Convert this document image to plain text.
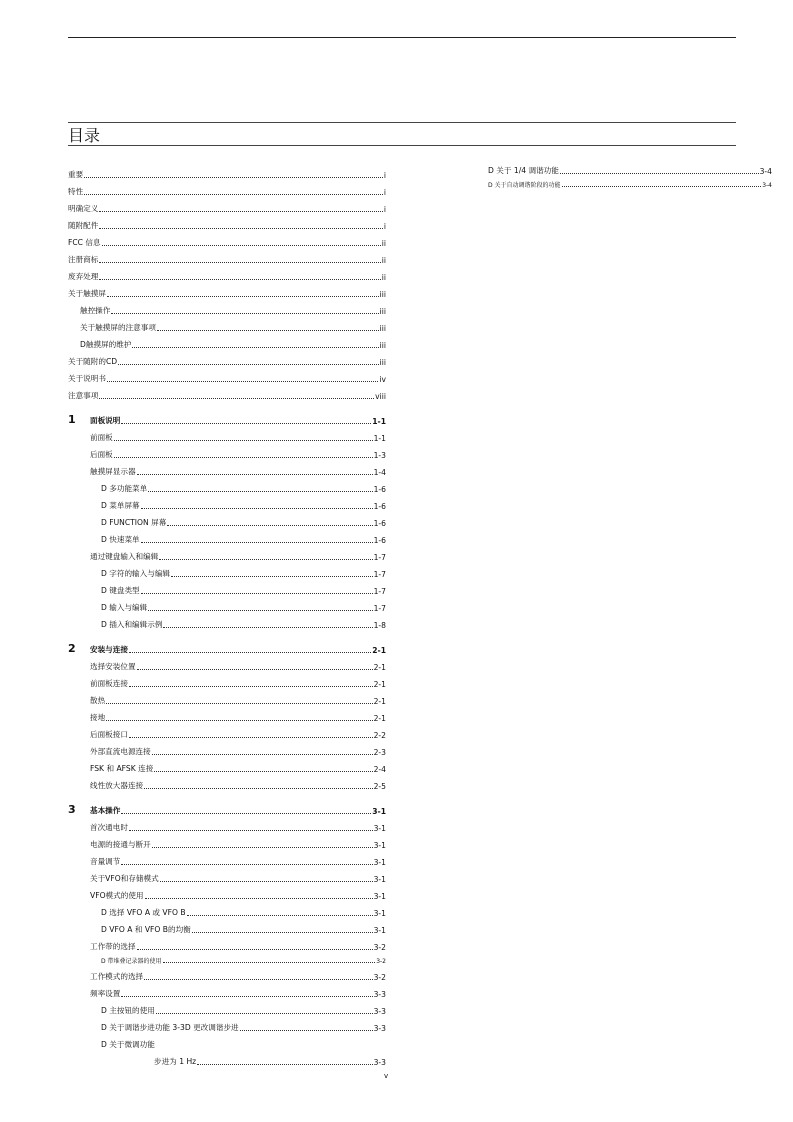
目录
重要	i
特性	i
明确定义	i
随附配件	i
FCC 信息	ii
注册商标	ii
废弃处理	ii
关于触摸屏	iii
触控操作	iii
关于触摸屏的注意事项	iii
D触摸屏的维护	iii
关于随附的CD	iii
关于说明书	iv
注意事项	viii
1 面板说明	1-1
前面板	1-1
后面板	1-3
触摸屏显示器	1-4
D 多功能菜单	1-6
D 菜单屏幕	1-6
D FUNCTION 屏幕	1-6
D 快速菜单	1-6
通过键盘输入和编辑	1-7
D 字符的输入与编辑	1-7
D 键盘类型	1-7
D 输入与编辑	1-7
D 插入和编辑示例	1-8
2 安装与连接	2-1
选择安装位置	2-1
前面板连接	2-1
散热	2-1
接地	2-1
后面板接口	2-2
外部直流电源连接	2-3
FSK 和 AFSK 连接	2-4
线性放大器连接	2-5
3 基本操作	3-1
首次通电时	3-1
电源的接通与断开	3-1
音量调节	3-1
关于VFO和存储模式	3-1
VFO模式的使用	3-1
D 选择 VFO A 或 VFO B	3-1
D VFO A 和 VFO B的均衡	3-1
工作带的选择	3-2
D 带堆叠记录器的使用	3-2
工作模式的选择	3-2
频率设置	3-3
D 主按钮的使用	3-3
D 关于调谐步进功能 3-3D 更改调谐步进	3-3
D 关于微调功能
步进为 1 Hz	3-3
D 关于 1/4 调谐功能	3-4
D 关于自动调谐阶段的功能	3-4
v
